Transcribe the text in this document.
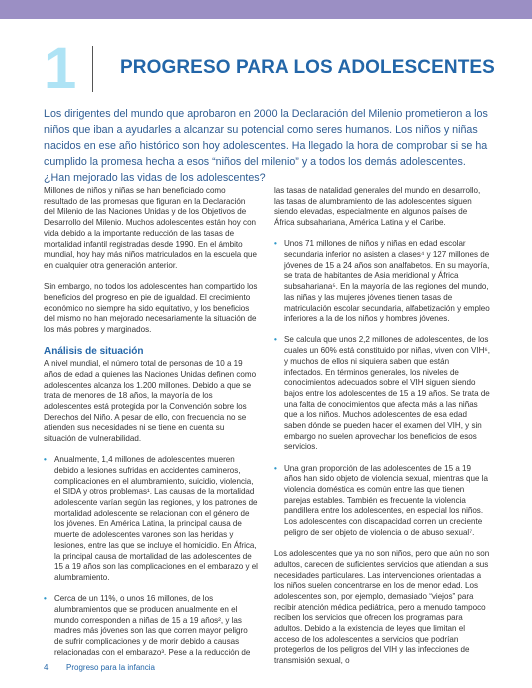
1 PROGRESO PARA LOS ADOLESCENTES

Los dirigentes del mundo que aprobaron en 2000 la Declaración del Milenio prometieron a los niños que iban a ayudarles a alcanzar su potencial como seres humanos. Los niños y niñas nacidos en ese año histórico son hoy adolescentes. Ha llegado la hora de comprobar si se ha cumplido la promesa hecha a esos “niños del milenio” y a todos los demás adolescentes. ¿Han mejorado las vidas de los adolescentes?

Millones de niños y niñas se han beneficiado como resultado de las promesas que figuran en la Declaración del Milenio de las Naciones Unidas y de los Objetivos de Desarrollo del Milenio. Muchos adolescentes están hoy con vida debido a la importante reducción de las tasas de mortalidad infantil registradas desde 1990. En el ámbito mundial, hoy hay más niños matriculados en la escuela que en cualquier otra generación anterior.

Sin embargo, no todos los adolescentes han compartido los beneficios del progreso en pie de igualdad. El crecimiento económico no siempre ha sido equitativo, y los beneficios del mismo no han mejorado necesariamente la situación de los más pobres y marginados.

Análisis de situación

A nivel mundial, el número total de personas de 10 a 19 años de edad a quienes las Naciones Unidas definen como adolescentes alcanza los 1.200 millones. Debido a que se trata de menores de 18 años, la mayoría de los adolescentes está protegida por la Convención sobre los Derechos del Niño. A pesar de ello, con frecuencia no se atienden sus necesidades ni se tiene en cuenta su situación de vulnerabilidad.

• Anualmente, 1,4 millones de adolescentes mueren debido a lesiones sufridas en accidentes camineros, complicaciones en el alumbramiento, suicidio, violencia, el SIDA y otros problemas¹. Las causas de la mortalidad adolescente varían según las regiones, y los patrones de mortalidad adolescente se relacionan con el género de los jóvenes. En América Latina, la principal causa de muerte de adolescentes varones son las heridas y lesiones, entre las que se incluye el homicidio. En África, la principal causa de mortalidad de las adolescentes de 15 a 19 años son las complicaciones en el embarazo y el alumbramiento.
• Cerca de un 11%, o unos 16 millones, de los alumbramientos que se producen anualmente en el mundo corresponden a niñas de 15 a 19 años², y las madres más jóvenes son las que corren mayor peligro de sufrir complicaciones y de morir debido a causas relacionadas con el embarazo³. Pese a la reducción de

las tasas de natalidad generales del mundo en desarrollo, las tasas de alumbramiento de las adolescentes siguen siendo elevadas, especialmente en algunos países de África subsahariana, América Latina y el Caribe.

• Unos 71 millones de niños y niñas en edad escolar secundaria inferior no asisten a clases⁴ y 127 millones de jóvenes de 15 a 24 años son analfabetos. En su mayoría, se trata de habitantes de Asia meridional y África subsahariana⁵. En la mayoría de las regiones del mundo, las niñas y las mujeres jóvenes tienen tasas de matriculación escolar secundaria, alfabetización y empleo inferiores a la de los niños y hombres jóvenes.
• Se calcula que unos 2,2 millones de adolescentes, de los cuales un 60% está constituido por niñas, viven con VIH⁶, y muchos de ellos ni siquiera saben que están infectados. En términos generales, los niveles de conocimientos adecuados sobre el VIH siguen siendo bajos entre los adolescentes de 15 a 19 años. Se trata de una falta de conocimientos que afecta más a las niñas que a los niños. Muchos adolescentes de esa edad saben dónde se pueden hacer el examen del VIH, y sin embargo no suelen aprovechar los beneficios de esos servicios.
• Una gran proporción de las adolescentes de 15 a 19 años han sido objeto de violencia sexual, mientras que la violencia doméstica es común entre las que tienen parejas estables. También es frecuente la violencia pandillera entre los adolescentes, en especial los niños. Los adolescentes con discapacidad corren un creciente peligro de ser objeto de violencia o de abuso sexual⁷.

Los adolescentes que ya no son niños, pero que aún no son adultos, carecen de suficientes servicios que atiendan a sus necesidades particulares. Las intervenciones orientadas a los niños suelen concentrarse en los de menor edad. Los adolescentes son, por ejemplo, demasiado “viejos” para recibir atención médica pediátrica, pero a menudo tampoco reciben los servicios que ofrecen los programas para adultos. Debido a la existencia de leyes que limitan el acceso de los adolescentes a servicios que podrían protegerlos de los peligros del VIH y las infecciones de transmisión sexual, o

4 Progreso para la infancia
